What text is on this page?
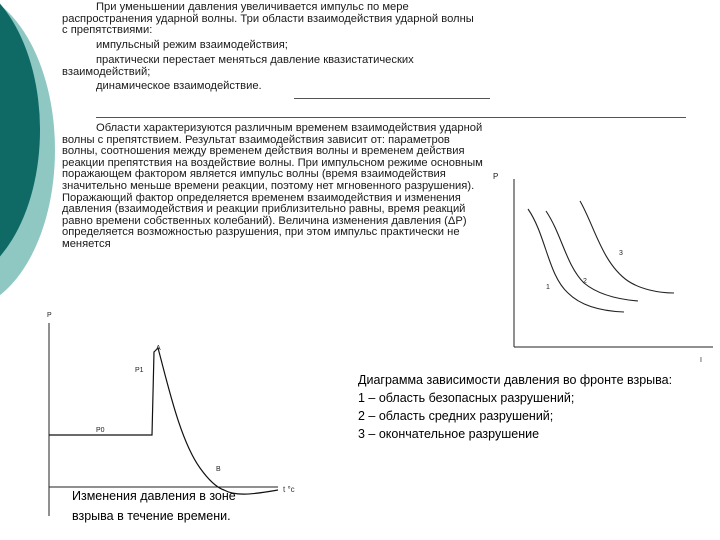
При уменьшении давления увеличивается импульс по мере распространения ударной волны. Три области взаимодействия ударной волны с препятствиями:
импульсный режим взаимодействия;
практически перестает меняться давление квазистатических взаимодействий;
динамическое взаимодействие.
Области характеризуются различным временем взаимодействия ударной волны с препятствием. Результат взаимодействия зависит от: параметров волны, соотношения между временем действия волны и временем действия реакции препятствия на воздействие волны. При импульсном режиме основным поражающем фактором является импульс волны (время взаимодействия значительно меньше времени реакции, поэтому нет мгновенного разрушения). Поражающий фактор определяется временем взаимодействия и изменения давления (взаимодействия и реакции приблизительно равны, время реакций равно времени собственных колебаний). Величина изменения давления (ΔР) определяется возможностью разрушения, при этом импульс практически не меняется
P
A
P1
P0
B
t °c
Изменения давления в зоне взрыва в течение времени.
P
1
2
3
I
Диаграмма зависимости давления во фронте взрыва:
1 – область безопасных разрушений;
2 – область средних разрушений;
3 – окончательное разрушение
